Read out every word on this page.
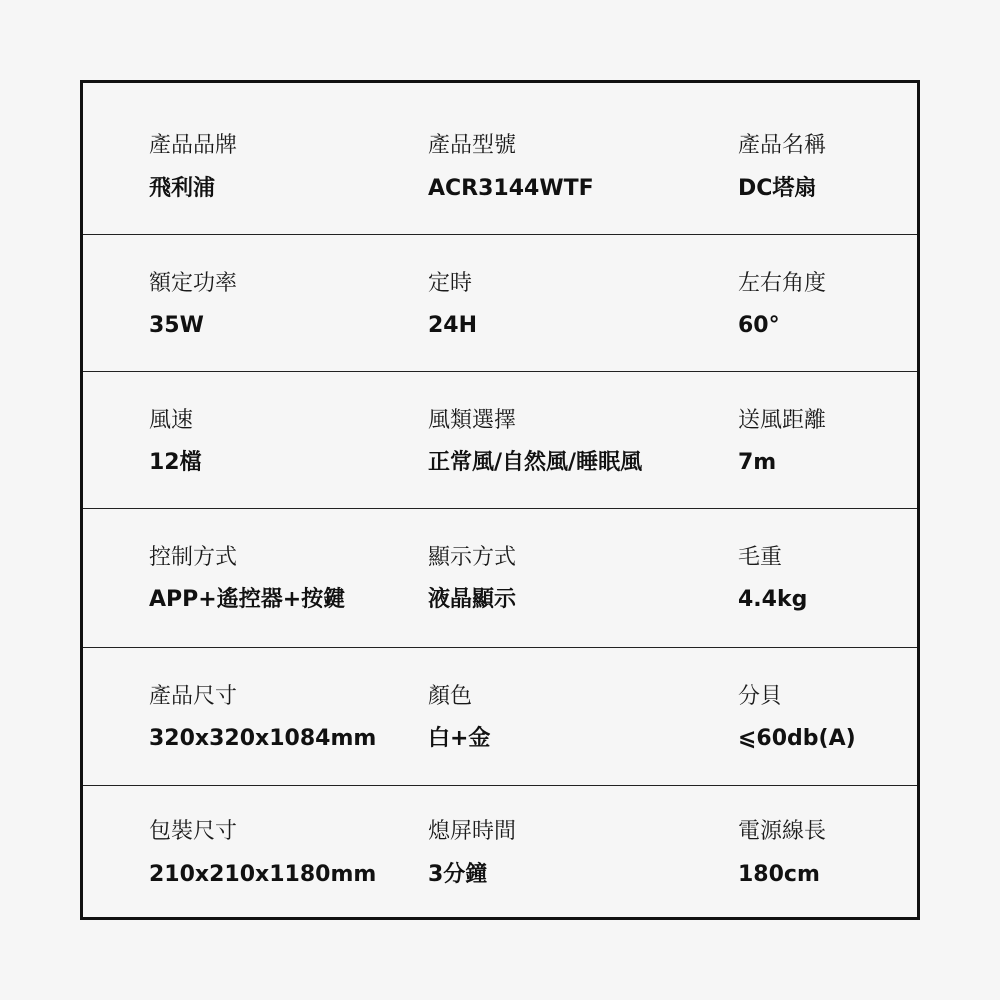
產品品牌
飛利浦
產品型號
ACR3144WTF
產品名稱
DC塔扇
額定功率
35W
定時
24H
左右角度
60°
風速
12檔
風類選擇
正常風/自然風/睡眠風
送風距離
7m
控制方式
APP+遙控器+按鍵
顯示方式
液晶顯示
毛重
4.4kg
產品尺寸
320x320x1084mm
顏色
白+金
分貝
⩽60db(A)
包裝尺寸
210x210x1180mm
熄屏時間
3分鐘
電源線長
180cm
